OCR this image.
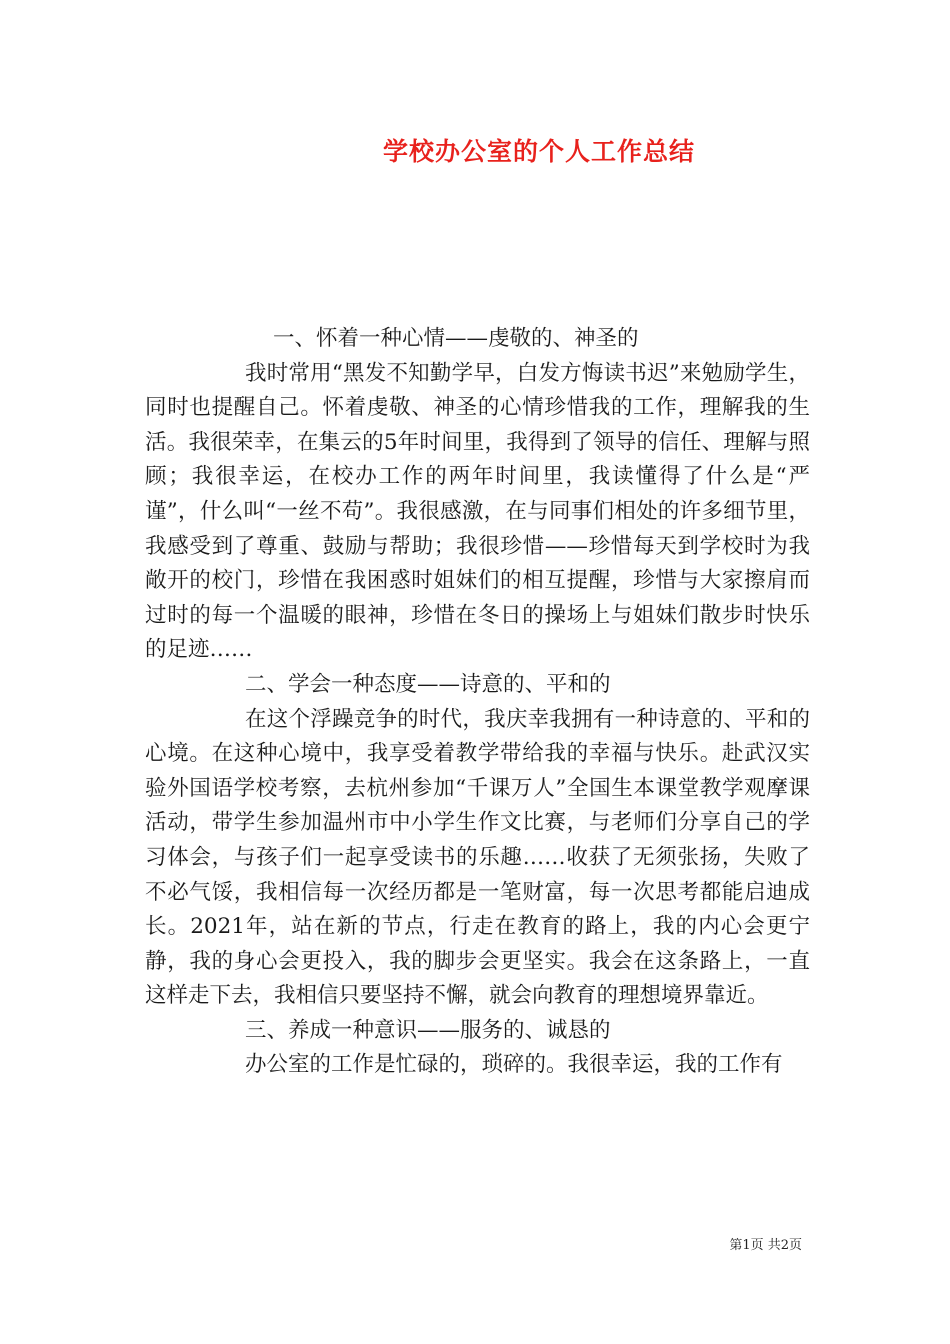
学校办公室的个人工作总结

一、怀着一种心情——虔敬的、神圣的

我时常用“黑发不知勤学早，白发方悔读书迟”来勉励学生，同时也提醒自己。怀着虔敬、神圣的心情珍惜我的工作，理解我的生活。我很荣幸，在集云的5年时间里，我得到了领导的信任、理解与照顾；我很幸运，在校办工作的两年时间里，我读懂得了什么是“严谨”，什么叫“一丝不苟”。我很感激，在与同事们相处的许多细节里，我感受到了尊重、鼓励与帮助；我很珍惜——珍惜每天到学校时为我敞开的校门，珍惜在我困惑时姐妹们的相互提醒，珍惜与大家擦肩而过时的每一个温暖的眼神，珍惜在冬日的操场上与姐妹们散步时快乐的足迹……

二、学会一种态度——诗意的、平和的

在这个浮躁竞争的时代，我庆幸我拥有一种诗意的、平和的心境。在这种心境中，我享受着教学带给我的幸福与快乐。赴武汉实验外国语学校考察，去杭州参加“千课万人”全国生本课堂教学观摩课活动，带学生参加温州市中小学生作文比赛，与老师们分享自己的学习体会，与孩子们一起享受读书的乐趣……收获了无须张扬，失败了不必气馁，我相信每一次经历都是一笔财富，每一次思考都能启迪成长。2021年，站在新的节点，行走在教育的路上，我的内心会更宁静，我的身心会更投入，我的脚步会更坚实。我会在这条路上，一直这样走下去，我相信只要坚持不懈，就会向教育的理想境界靠近。

三、养成一种意识——服务的、诚恳的

办公室的工作是忙碌的，琐碎的。我很幸运，我的工作有

第1页 共2页
